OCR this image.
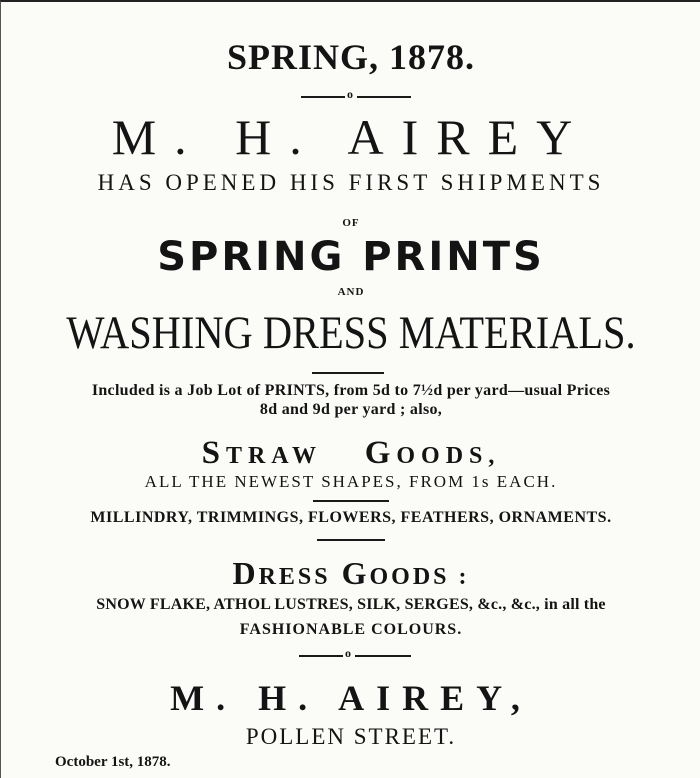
SPRING, 1878.
o
M. H. AIREY
HAS OPENED HIS FIRST SHIPMENTS
OF
SPRING PRINTS
AND
WASHING DRESS MATERIALS.
Included is a Job Lot of PRINTS, from 5d to 7½d per yard—usual Prices
8d and 9d per yard ; also,
STRAW GOODS,
ALL THE NEWEST SHAPES, FROM 1s EACH.
MILLINDRY, TRIMMINGS, FLOWERS, FEATHERS, ORNAMENTS.
DRESS GOODS :
SNOW FLAKE, ATHOL LUSTRES, SILK, SERGES, &c., &c., in all the
FASHIONABLE COLOURS.
o
M. H. AIREY,
POLLEN STREET.
October 1st, 1878.
